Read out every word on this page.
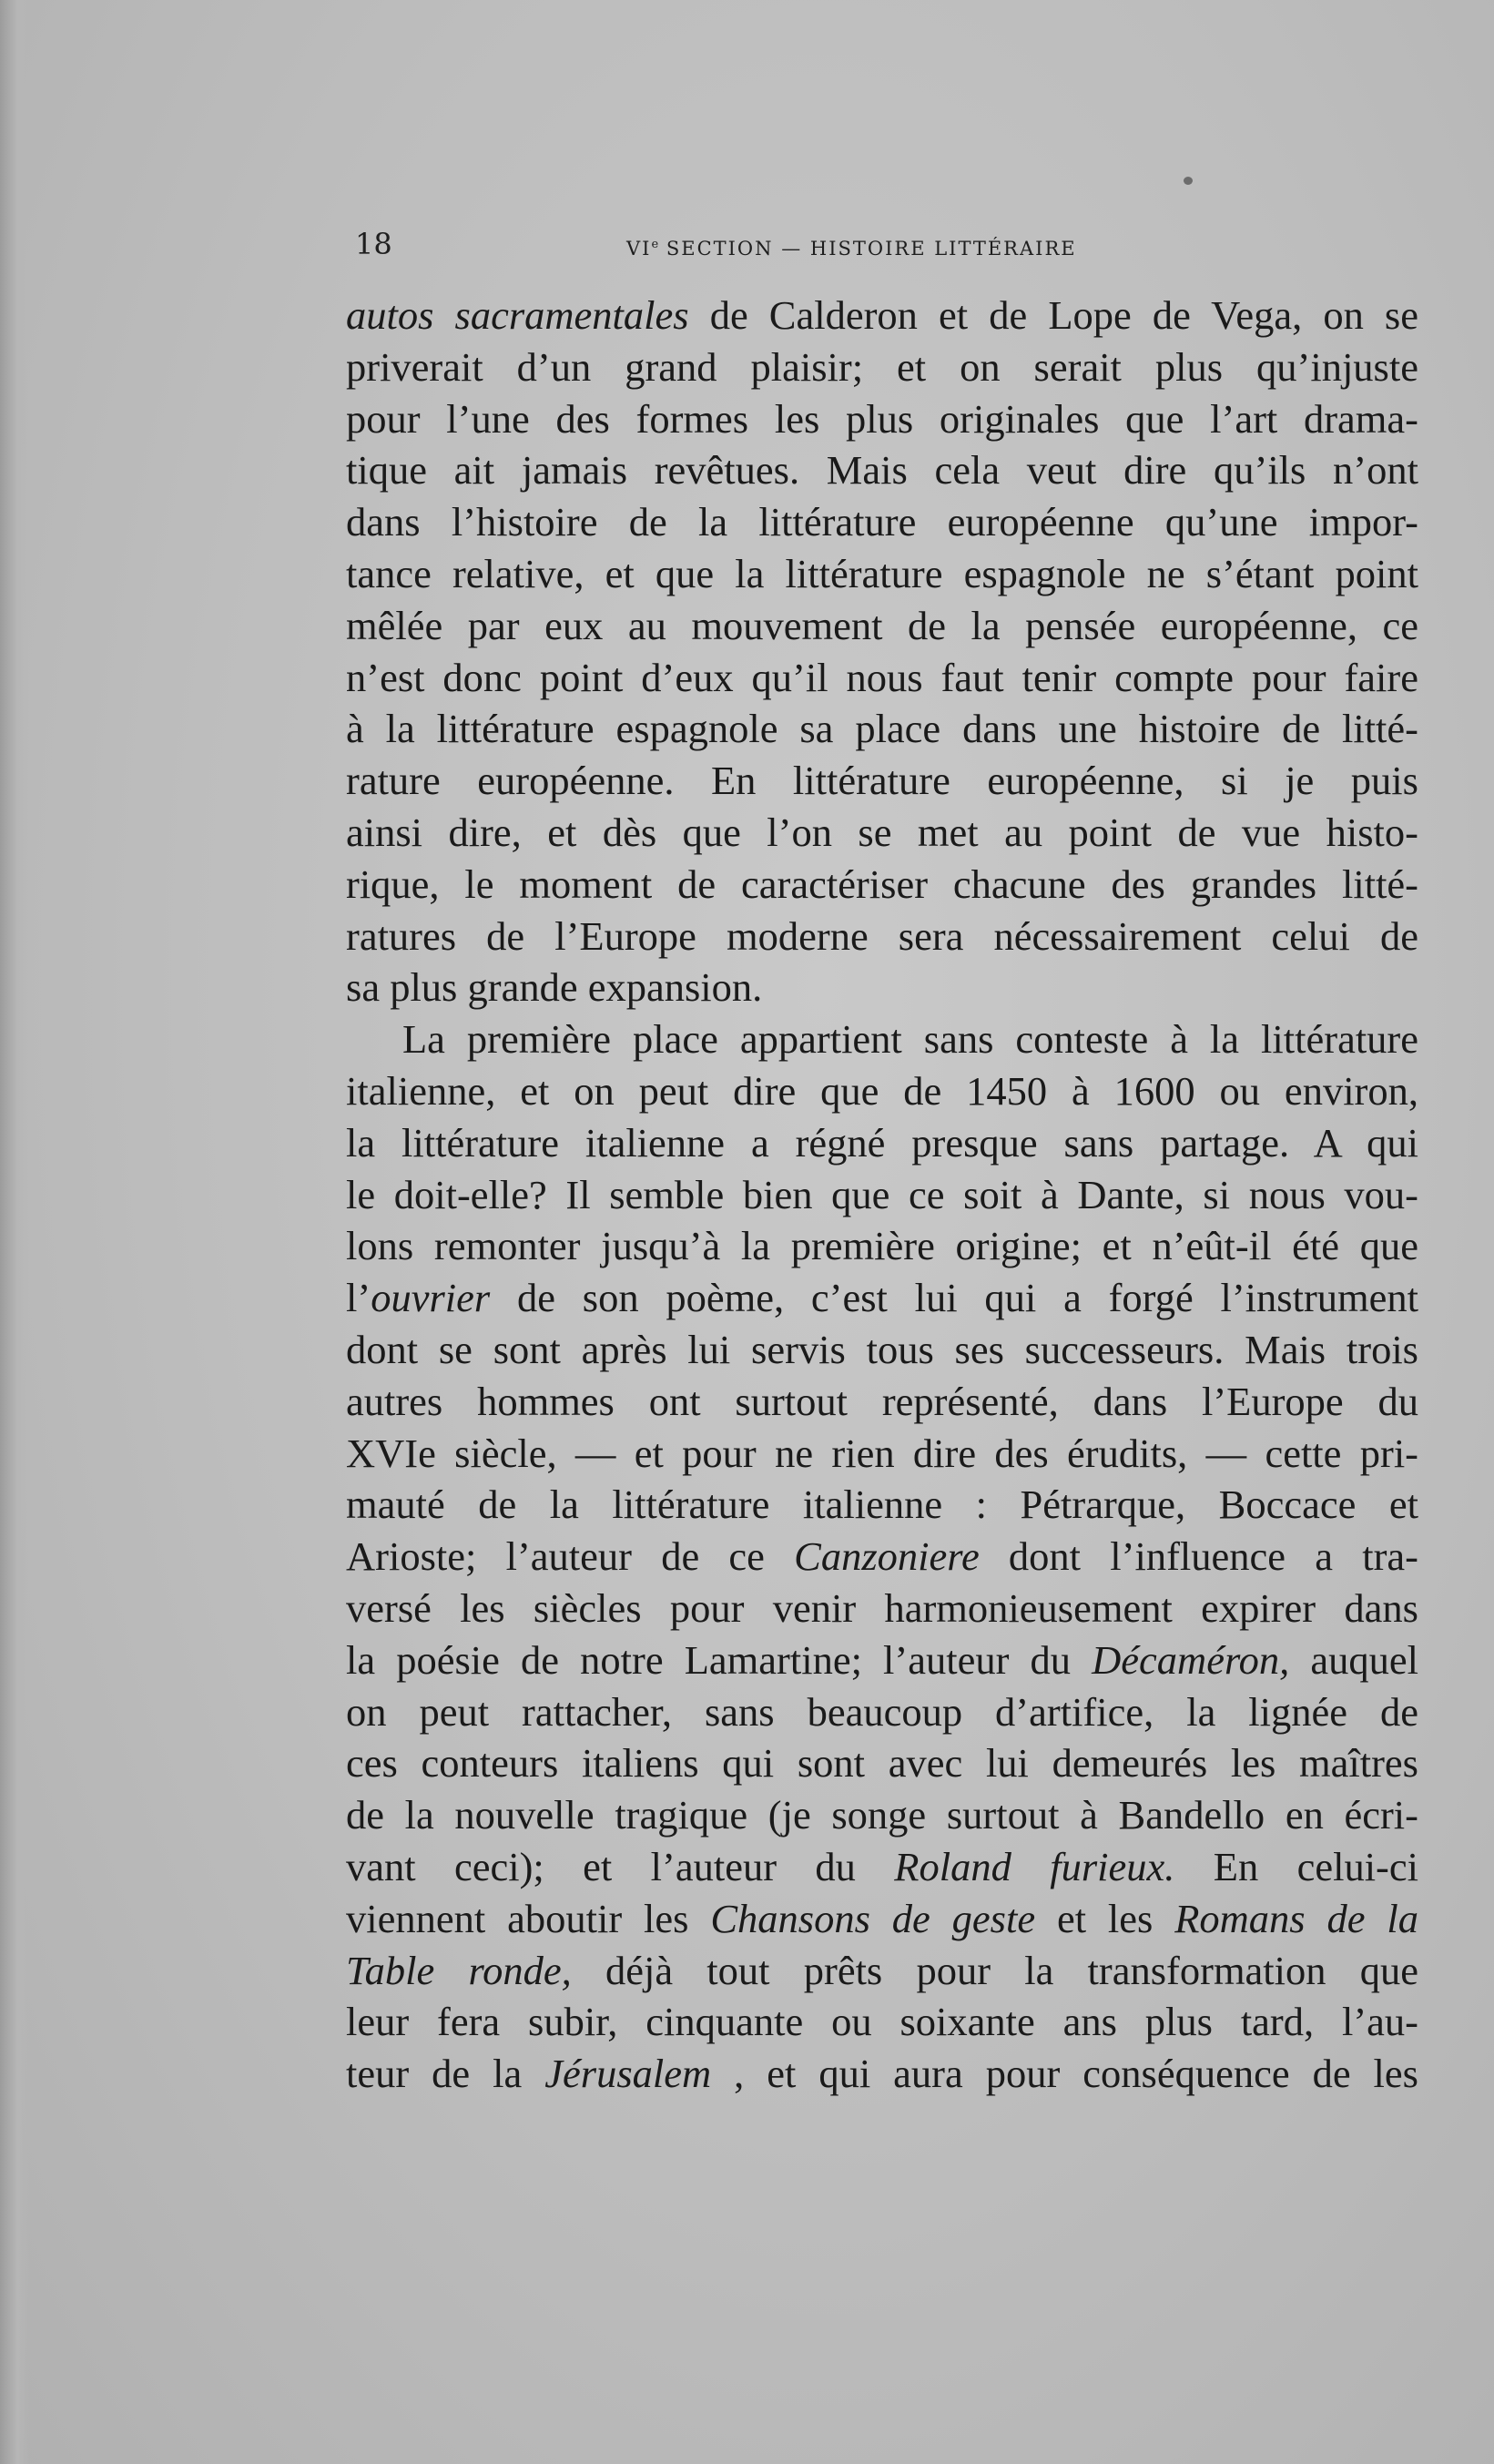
18	VIe SECTION — HISTOIRE LITTÉRAIRE
autos sacramentales de Calderon et de Lope de Vega, on se
priverait d’un grand plaisir; et on serait plus qu’injuste
pour l’une des formes les plus originales que l’art drama-
tique ait jamais revêtues. Mais cela veut dire qu’ils n’ont
dans l’histoire de la littérature européenne qu’une impor-
tance relative, et que la littérature espagnole ne s’étant point
mêlée par eux au mouvement de la pensée européenne, ce
n’est donc point d’eux qu’il nous faut tenir compte pour faire
à la littérature espagnole sa place dans une histoire de litté-
rature européenne. En littérature européenne, si je puis
ainsi dire, et dès que l’on se met au point de vue histo-
rique, le moment de caractériser chacune des grandes litté-
ratures de l’Europe moderne sera nécessairement celui de
sa plus grande expansion.
La première place appartient sans conteste à la littérature
italienne, et on peut dire que de 1450 à 1600 ou environ,
la littérature italienne a régné presque sans partage. A qui
le doit-elle? Il semble bien que ce soit à Dante, si nous vou-
lons remonter jusqu’à la première origine; et n’eût-il été que
l’ouvrier de son poème, c’est lui qui a forgé l’instrument
dont se sont après lui servis tous ses successeurs. Mais trois
autres hommes ont surtout représenté, dans l’Europe du
XVIe siècle, — et pour ne rien dire des érudits, — cette pri-
mauté de la littérature italienne : Pétrarque, Boccace et
Arioste; l’auteur de ce Canzoniere dont l’influence a tra-
versé les siècles pour venir harmonieusement expirer dans
la poésie de notre Lamartine; l’auteur du Décaméron, auquel
on peut rattacher, sans beaucoup d’artifice, la lignée de
ces conteurs italiens qui sont avec lui demeurés les maîtres
de la nouvelle tragique (je songe surtout à Bandello en écri-
vant ceci); et l’auteur du Roland furieux. En celui-ci
viennent aboutir les Chansons de geste et les Romans de la
Table ronde, déjà tout prêts pour la transformation que
leur fera subir, cinquante ou soixante ans plus tard, l’au-
teur de la Jérusalem , et qui aura pour conséquence de les
